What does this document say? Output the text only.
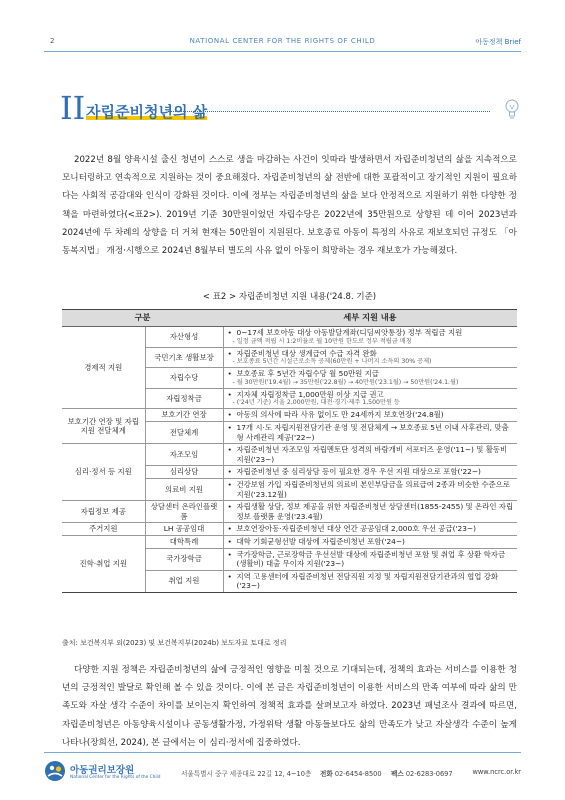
2	NATIONAL CENTER FOR THE RIGHTS OF CHILD	아동정책 Brief
II 자립준비청년의 삶

2022년 8월 양육시설 출신 청년이 스스로 생을 마감하는 사건이 잇따라 발생하면서 자립준비청년의 삶을 지속적으로 모니터링하고 연속적으로 지원하는 것이 중요해졌다. 자립준비청년의 삶 전반에 대한 포괄적이고 장기적인 지원이 필요하다는 사회적 공감대와 인식이 강화된 것이다. 이에 정부는 자립준비청년의 삶을 보다 안정적으로 지원하기 위한 다양한 정책을 마련하였다(<표2>). 2019년 기준 30만원이었던 자립수당은 2022년에 35만원으로 상향된 데 이어 2023년과 2024년에 두 차례의 상향을 더 거쳐 현재는 50만원이 지원된다. 보호종료 아동이 특정의 사유로 재보호되던 규정도 「아동복지법」 개정·시행으로 2024년 8월부터 별도의 사유 없이 아동이 희망하는 경우 재보호가 가능해졌다.

< 표2 > 자립준비청년 지원 내용('24.8. 기준)
구분		세부 지원 내용
경제적 지원	자산형성	• 0~17세 보호아동 대상 아동발달계좌(디딤씨앗통장) 정부 적립금 지원
- 일정 금액 적립 시 1:2비율로 월 10만원 한도로 정부 적립금 매칭

	국민기초 생활보장	• 자립준비청년 대상 생계급여 수급 자격 완화
- 보호종료 5년간 시설근로소득 공제(60만원 + 나머지 소득의 30% 공제)

	자립수당	• 보호종료 후 5년간 자립수당 월 50만원 지급
- 월 30만원('19.4월) → 35만원('22.8월) → 40만원('23.1월) → 50만원('24.1.월)

	자립정착금	• 지자체 자립정착금 1,000만원 이상 지급 권고
- ('24년 기준) 서울 2,000만원, 대전·경기·제주 1,500만원 등

보호기간 연장 및 자립지원 전달체계	보호기간 연장	• 아동의 의사에 따라 사유 없이도 만 24세까지 보호연장('24.8월)

	전달체계	• 17개 시·도 자립지원전담기관 운영 및 전담체계 → 보호종료 5년 이내 사후관리, 맞춤형 사례관리 제공('22~)

심리·정서 등 지원	자조모임	• 자립준비청년 자조모임 자립멘토단 성격의 바람개비 서포터즈 운영('11~) 및 활동비 지원('23~)

	심리상담	• 자립준비청년 중 심리상담 등이 필요한 경우 우선 지원 대상으로 포함('22~)

	의료비 지원	• 건강보험 가입 자립준비청년의 의료비 본인부담금을 의료급여 2종과 비슷한 수준으로 지원('23.12월)

자립정보 제공	상담센터 온라인플랫폼	• 자립생활 상담, 정보 제공을 위한 자립준비청년 상담센터(1855-2455) 및 온라인 자립정보 플랫폼 운영('23.4월)

주거지원	LH 공공임대	• 보호연장아동·자립준비청년 대상 연간 공공임대 2,000호 우선 공급('23~)

진학·취업 지원	대학특례	• 대학 기회균형선발 대상에 자립준비청년 포함('24~)

	국가장학금	• 국가장학금, 근로장학금 우선선발 대상에 자립준비청년 포함 및 취업 후 상환 학자금(생활비) 대출 무이자 지원('23~)

	취업 지원	• 지역 고용센터에 자립준비청년 전담직원 지정 및 자립지원전담기관과의 협업 강화('23~)
출처: 보건복지부 외(2023) 및 보건복지부(2024b) 보도자료 토대로 정리

다양한 지원 정책은 자립준비청년의 삶에 긍정적인 영향을 미칠 것으로 기대되는데, 정책의 효과는 서비스를 이용한 청년의 긍정적인 발달로 확인해 볼 수 있을 것이다. 이에 본 글은 자립준비청년이 이용한 서비스의 만족 여부에 따라 삶의 만족도와 자살 생각 수준이 차이를 보이는지 확인하여 정책적 효과를 살펴보고자 하였다. 2023년 패널조사 결과에 따르면, 자립준비청년은 아동양육시설이나 공동생활가정, 가정위탁 생활 아동들보다도 삶의 만족도가 낮고 자살생각 수준이 높게 나타나(장희선, 2024), 본 글에서는 이 심리·정서에 집중하였다.

아동권리보장원
National Center for the Rights of the Child	서울특별시 중구 세종대로 22길 12, 4~10층 전화 02-6454-8500 팩스 02-6283-0697	www.ncrc.or.kr
